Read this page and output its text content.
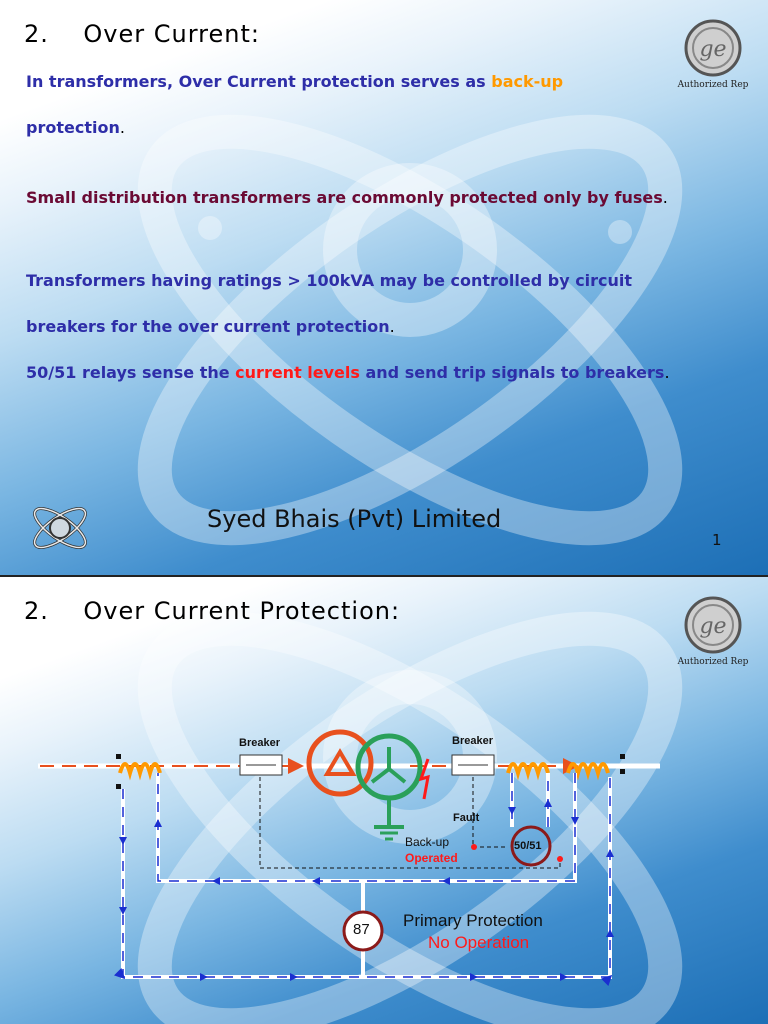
2.    Over Current:
ge
Authorized Rep
In transformers, Over Current protection serves as back-up
protection.
Small distribution transformers are commonly protected only by fuses.
Transformers having ratings > 100kVA may be controlled by circuit
breakers for the over current protection.
50/51 relays sense the current levels and send trip signals to breakers.
Syed Bhais (Pvt) Limited
1
2.    Over Current Protection:
ge
Authorized Rep
Breaker	Breaker
Fault
Back-up
Operated
50/51
87 Primary Protection
No Operation
